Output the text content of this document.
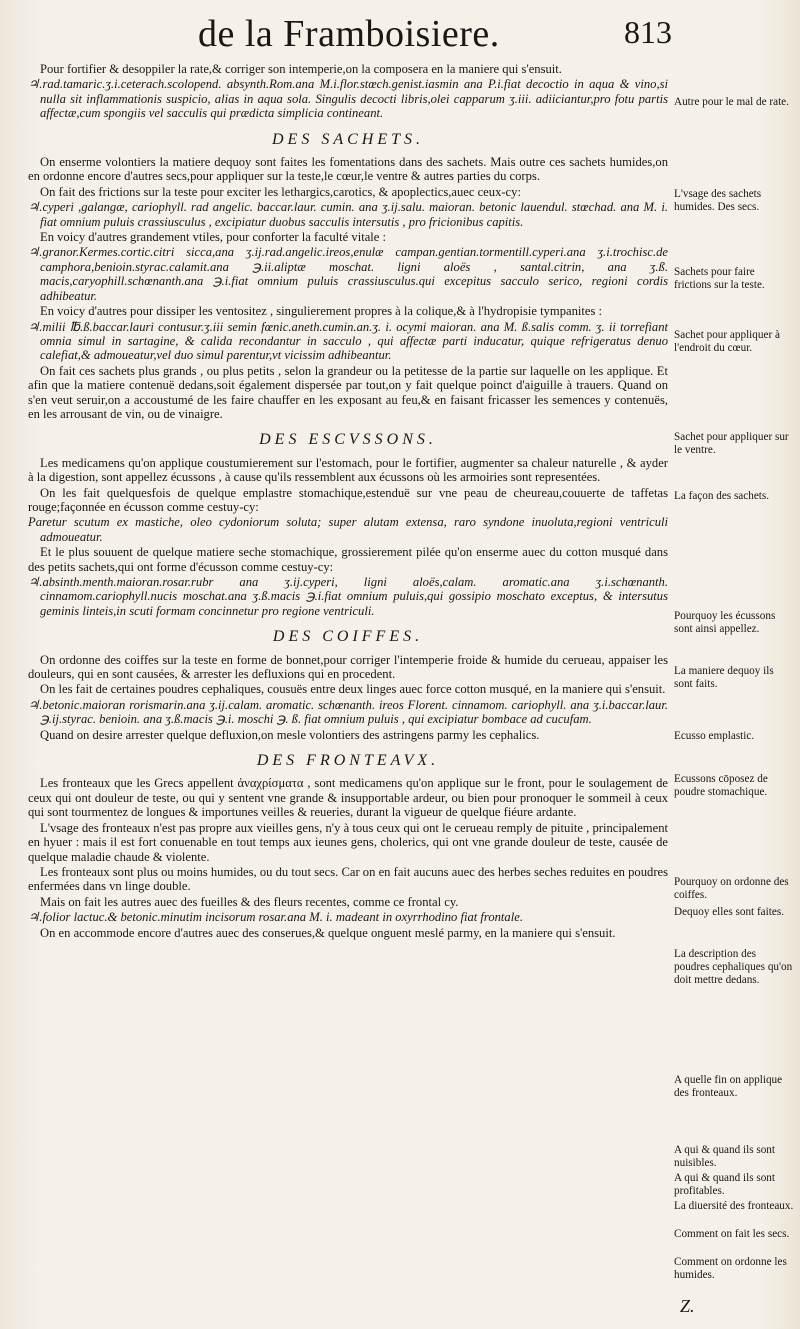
de la Framboisiere.	813

Pour fortifier & desoppiler la rate,& corriger son intemperie,on la composera en la maniere qui s'ensuit.

♃.rad.tamaric.ʒ.i.ceterach.scolopend. absynth.Rom.ana M.i.flor.stœch.genist.iasmin ana P.i.fiat decoctio in aqua & vino,si nulla sit inflammationis suspicio, alias in aqua sola. Singulis decocti libris,olei capparum ʒ.iii. adiiciantur,pro fotu partis affectæ,cum spongiis vel sacculis qui prædicta simplicia contineant.

DES SACHETS.

On enserme volontiers la matiere dequoy sont faites les fomentations dans des sachets. Mais outre ces sachets humides,on en ordonne encore d'autres secs,pour appliquer sur la teste,le cœur,le ventre & autres parties du corps.

On fait des frictions sur la teste pour exciter les lethargics,carotics, & apoplectics,auec ceux-cy:

♃.cyperi ,galangæ, cariophyll. rad angelic. baccar.laur. cumin. ana ʒ.ij.salu. maioran. betonic lauendul. stœchad. ana M. i. fiat omnium puluis crassiusculus , excipiatur duobus sacculis intersutis , pro fricionibus capitis.

En voicy d'autres grandement vtiles, pour conforter la faculté vitale :

♃.granor.Kermes.cortic.citri sicca,ana ʒ.ij.rad.angelic.ireos,enulæ campan.gentian.tormentill.cyperi.ana ʒ.i.trochisc.de camphora,benioin.styrac.calamit.ana ℈.ii.aliptæ moschat. ligni aloës , santal.citrin, ana ʒ.ß. macis,caryophill.schœnanth.ana ℈.i.fiat omnium puluis crassiusculus.qui excepitus sacculo serico, regioni cordis adhibeatur.

En voicy d'autres pour dissiper les ventositez , singulierement propres à la colique,& à l'hydropisie tympanites :

♃.milii ℔.ß.baccar.lauri contusur.ʒ.iii semin fœnic.aneth.cumin.an.ʒ. i. ocymi maioran. ana M. ß.salis comm. ʒ. ii torrefiant omnia simul in sartagine, & calida recondantur in sacculo , qui affectæ parti inducatur, quique refrigeratus denuo calefiat,& admoueatur,vel duo simul parentur,vt vicissim adhibeantur.

On fait ces sachets plus grands , ou plus petits , selon la grandeur ou la petitesse de la partie sur laquelle on les applique. Et afin que la matiere contenuë dedans,soit également dispersée par tout,on y fait quelque poinct d'aiguille à trauers. Quand on s'en veut seruir,on a accoustumé de les faire chauffer en les exposant au feu,& en faisant fricasser les semences y contenuës, en les arrousant de vin, ou de vinaigre.

DES ESCVSSONS.

Les medicamens qu'on applique coustumierement sur l'estomach, pour le fortifier, augmenter sa chaleur naturelle , & ayder à la digestion, sont appellez écussons , à cause qu'ils ressemblent aux écussons où les armoiries sont representées.

On les fait quelquesfois de quelque emplastre stomachique,estenduë sur vne peau de cheureau,couuerte de taffetas rouge;façonnée en écusson comme cestuy-cy:

Paretur scutum ex mastiche, oleo cydoniorum soluta; super alutam extensa, raro syndone inuoluta,regioni ventriculi admoueatur.

Et le plus souuent de quelque matiere seche stomachique, grossierement pilée qu'on enserme auec du cotton musqué dans des petits sachets,qui ont forme d'écusson comme cestuy-cy:

♃.absinth.menth.maioran.rosar.rubr ana ʒ.ij.cyperi, ligni aloës,calam. aromatic.ana ʒ.i.schœnanth. cinnamom.cariophyll.nucis moschat.ana ʒ.ß.macis ℈.i.fiat omnium puluis,qui gossipio moschato exceptus, & intersutus geminis linteis,in scuti formam concinnetur pro regione ventriculi.

DES COIFFES.

On ordonne des coiffes sur la teste en forme de bonnet,pour corriger l'intemperie froide & humide du cerueau, appaiser les douleurs, qui en sont causées, & arrester les defluxions qui en procedent.

On les fait de certaines poudres cephaliques, cousuës entre deux linges auec force cotton musqué, en la maniere qui s'ensuit.

♃.betonic.maioran rorismarin.ana ʒ.ij.calam. aromatic. schœnanth. ireos Florent. cinnamom. cariophyll. ana ʒ.i.baccar.laur. ℈.ij.styrac. benioin. ana ʒ.ß.macis ℈.i. moschi ℈. ß. fiat omnium puluis , qui excipiatur bombace ad cucufam.

Quand on desire arrester quelque defluxion,on mesle volontiers des astringens parmy les cephalics.

DES FRONTEAVX.

Les fronteaux que les Grecs appellent ἀναχρίσματα , sont medicamens qu'on applique sur le front, pour le soulagement de ceux qui ont douleur de teste, ou qui y sentent vne grande & insupportable ardeur, ou bien pour pronoquer le sommeil à ceux qui sont tourmentez de longues & importunes veilles & reueries, durant la vigueur de quelque fiéure ardante.

L'vsage des fronteaux n'est pas propre aux vieilles gens, n'y à tous ceux qui ont le cerueau remply de pituite , principalement en hyuer : mais il est fort conuenable en tout temps aux ieunes gens, cholerics, qui ont vne grande douleur de teste, causée de quelque maladie chaude & violente.

Les fronteaux sont plus ou moins humides, ou du tout secs. Car on en fait aucuns auec des herbes seches reduites en poudres enfermées dans vn linge double.

Mais on fait les autres auec des fueilles & des fleurs recentes, comme ce frontal cy.

♃.folior lactuc.& betonic.minutim incisorum rosar.ana M. i. madeant in oxyrrhodino fiat frontale.

On en accommode encore d'autres auec des conserues,& quelque onguent meslé parmy, en la maniere qui s'ensuit.

Autre pour le mal de rate.
L'vsage des sachets humides. Des secs.
Sachets pour faire frictions sur la teste.
Sachet pour appliquer à l'endroit du cœur.
Sachet pour appliquer sur le ventre.
La façon des sachets.
Pourquoy les écussons sont ainsi appellez.
La maniere dequoy ils sont faits.
Ecusso emplastic.
Ecussons cōposez de poudre stomachique.
Pourquoy on ordonne des coiffes.
Dequoy elles sont faites.
La description des poudres cephaliques qu'on doit mettre dedans.
A quelle fin on applique des fronteaux.
A qui & quand ils sont nuisibles.
A qui & quand ils sont profitables.
La diuersité des fronteaux.
Comment on fait les secs.
Comment on ordonne les humides.
Z.
